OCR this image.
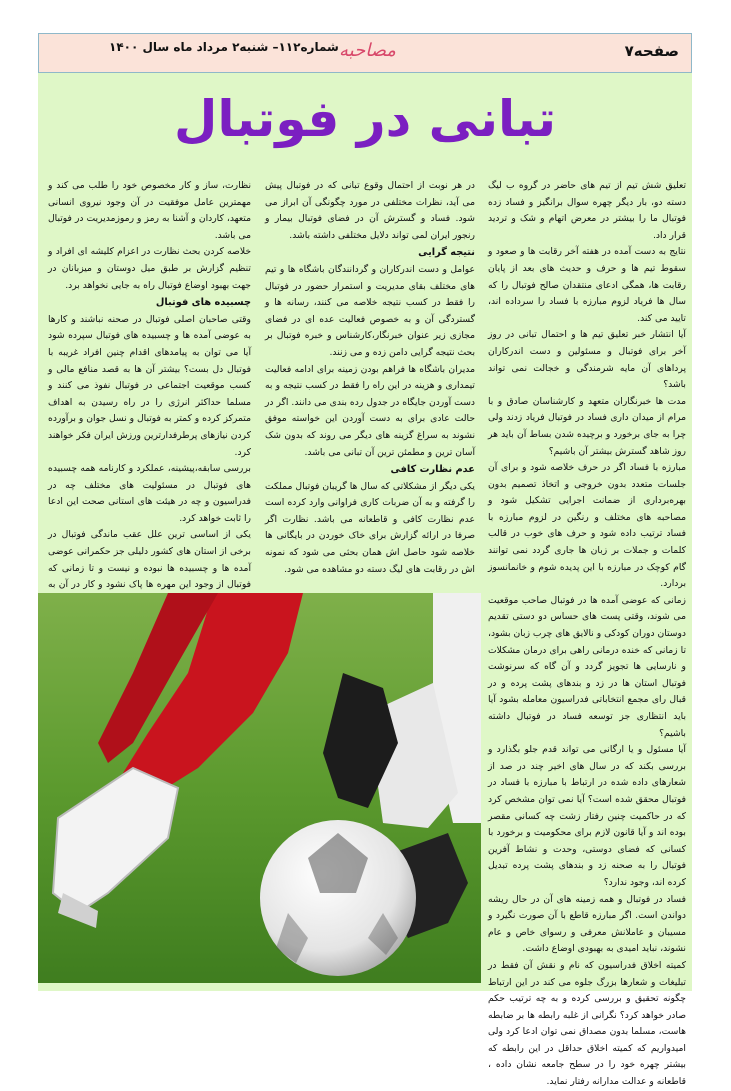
صفحه۷
مصاحبه
شماره۱۱۲– شنبه۲ مرداد ماه سال ۱۴۰۰
تبانی در فوتبال

تعلیق شش تیم از تیم های حاضر در گروه ب لیگ دسته دو، بار دیگر چهره سوال برانگیز و فساد زده فوتبال ما را بیشتر در معرض اتهام و شک و تردید قرار داد.

نتایج به دست آمده در هفته آخر رقابت ها و صعود و سقوط تیم ها و حرف و حدیث های بعد از پایان رقابت ها، همگی ادعای منتقدان صالح فوتبال را که سال ها فریاد لزوم مبارزه با فساد را سرداده اند، تایید می کند.

آیا انتشار خبر تعلیق تیم ها و احتمال تبانی در روز آخر برای فوتبال و مسئولین و دست اندرکاران پرداهای آن مایه شرمندگی و خجالت نمی تواند باشد؟

مدت ها خبرنگاران متعهد و کارشناسان صادق و با مرام از میدان داری فساد در فوتبال فریاد زدند ولی چرا به جای برخورد و برچیده شدن بساط آن باید هر روز شاهد گسترش بیشتر آن باشیم؟

مبارزه با فساد اگر در حرف خلاصه شود و برای آن جلسات متعدد بدون خروجی و اتخاذ تصمیم بدون بهره‌برداری از ضمانت اجرایی تشکیل شود و مصاحبه های مختلف و رنگین در لزوم مبارزه با فساد ترتیب داده شود و حرف های خوب در قالب کلمات و جملات بر زبان ها جاری گردد نمی توانند گام کوچک در مبارزه با این پدیده شوم و خانمانسوز بردارد.

زمانی که عوضی آمده ها در فوتبال صاحب موقعیت می شوند، وقتی پست های حساس دو دستی تقدیم دوستان دوران کودکی و نالایق های چرب زبان بشود، تا زمانی که خنده درمانی راهی برای درمان مشکلات و نارسایی ها تجویز گردد و آن گاه که سرنوشت فوتبال استان ها در زد و بندهای پشت پرده و در قبال رای مجمع انتخاباتی فدراسیون معامله بشود آیا باید انتظاری جز توسعه فساد در فوتبال داشته باشیم؟

آیا مسئول و یا ارگانی می تواند قدم جلو بگذارد و بررسی بکند که در سال های اخیر چند در صد از شعارهای داده شده در ارتباط با مبارزه با فساد در فوتبال محقق شده است؟ آیا نمی توان مشخص کرد که در حاکمیت چنین رفتار زشت چه کسانی مقصر بوده اند و آیا قانون لازم برای محکومیت و برخورد با کسانی که فضای دوستی، وحدت و نشاط آفرین فوتبال را به صحنه زد و بندهای پشت پرده تبدیل کرده اند، وجود ندارد؟

فساد در فوتبال و همه زمینه های آن در حال ریشه دواندن است. اگر مبارزه قاطع با آن صورت نگیرد و مسیبان و عاملانش معرفی و رسوای خاص و عام نشوند، نباید امیدی به بهبودی اوضاع داشت.

کمیته اخلاق فدراسیون که نام و نقش آن فقط در تبلیغات و شعارها بزرگ جلوه می کند در این ارتباط چگونه تحقیق و بررسی کرده و به چه ترتیب حکم صادر خواهد کرد؟ نگرانی از غلبه رابطه ها بر ضابطه هاست، مسلما بدون مصداق نمی توان ادعا کرد ولی امیدواریم که کمیته اخلاق حداقل در این رابطه که بیشتر چهره خود را در سطح جامعه نشان داده ، قاطعانه و عدالت مدارانه رفتار نماید.

در هر نوبت از احتمال وقوع تبانی که در فوتبال پیش می آید، نظرات مختلفی در مورد چگونگی آن ابراز می شود. فساد و گسترش آن در فضای فوتبال بیمار و رنجور ایران لمی تواند دلایل مختلفی داشته باشد.

نتیجه گرایی

عوامل و دست اندرکاران و گردانندگان باشگاه ها و تیم های مختلف بقای مدیریت و استمرار حضور در فوتبال را فقط در کسب نتیجه خلاصه می کنند، رسانه ها و گستردگی آن و به خصوص فعالیت عده ای در فضای مجازی زیر عنوان خبرنگار،کارشناس و خبره فوتبال بر بحث نتیجه گرایی دامن زده و می زنند.

مدیران باشگاه ها فراهم بودن زمینه برای ادامه فعالیت تیمداری و هزینه در این راه را فقط در کسب نتیجه و به دست آوردن جایگاه در جدول رده بندی می دانند. اگر در حالت عادی برای به دست آوردن این خواسته موفق نشوند به سراغ گزینه های دیگر می روند که بدون شک آسان ترین و مطمئن ترین آن تبانی می باشد.

عدم نظارت کافی

یکی دیگر از مشکلاتی که سال ها گریبان فوتبال مملکت را گرفته و به آن ضربات کاری فراوانی وارد کرده است عدم نظارت کافی و قاطعانه می باشد. نظارت اگر صرفا در ارائه گزارش برای خاک خوردن در بایگانی ها خلاصه شود حاصل اش همان بحثی می شود که نمونه اش در رقابت های لیگ دسته دو مشاهده می شود.

نظارت، ساز و کار مخصوص خود را طلب می کند و مهمترین عامل موفقیت در آن وجود نیروی انسانی متعهد، کاردان و آشنا به رمز و رموزمدیریت در فوتبال می باشد.

خلاصه کردن بحث نظارت در اعزام کلیشه ای افراد و تنظیم گزارش بر طبق میل دوستان و میزبانان در جهت بهبود اوضاع فوتبال راه به جایی نخواهد برد.

چسبیده های فوتبال

وقتی صاحبان اصلی فوتبال در صحنه نباشند و کارها به عوضی آمده ها و چسبیده های فوتبال سپرده شود آیا می توان به پیامدهای اقدام چنین افراد غریبه با فوتبال دل بست؟ بیشتر آن ها به قصد منافع مالی و کسب موقعیت اجتماعی در فوتبال نفوذ می کنند و مسلما حداکثر انرژی را در راه رسیدن به اهداف متمرکز کرده و کمتر به فوتبال و نسل جوان و برآورده کردن نیازهای پرطرفدارترین ورزش ایران فکر خواهند کرد.

بررسی سابقه،پیشینه، عملکرد و کارنامه همه چسبیده های فوتبال در مسئولیت های مختلف چه در فدراسیون و چه در هیئت های استانی صحت این ادعا را ثابت خواهد کرد.

یکی از اساسی ترین علل عقب ماندگی فوتبال در برخی از استان های کشور دلیلی جز حکمرانی عوضی آمده ها و چسبیده ها نبوده و نیست و تا زمانی که فوتبال از وجود این مهره ها پاک نشود و کار در آن به
